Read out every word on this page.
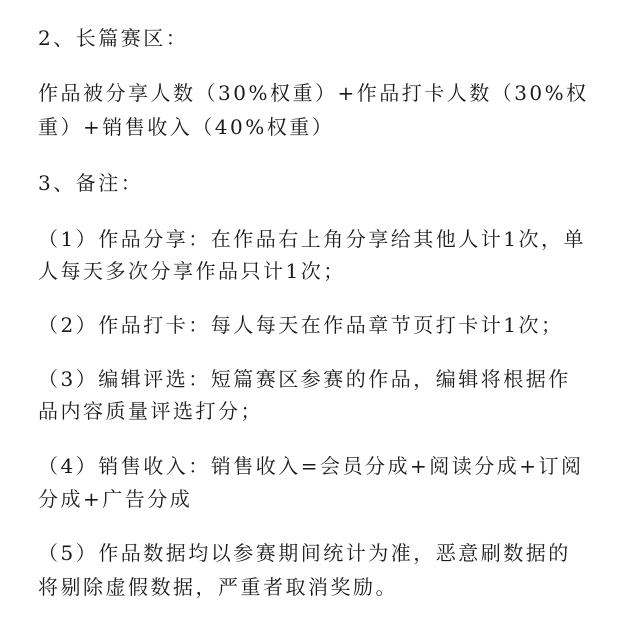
2、长篇赛区：
作品被分享人数（30%权重）+作品打卡人数（30%权
重）+销售收入（40%权重）
3、备注：
（1）作品分享：在作品右上角分享给其他人计1次，单
人每天多次分享作品只计1次；
（2）作品打卡：每人每天在作品章节页打卡计1次；
（3）编辑评选：短篇赛区参赛的作品，编辑将根据作
品内容质量评选打分；
（4）销售收入：销售收入=会员分成+阅读分成+订阅
分成+广告分成
（5）作品数据均以参赛期间统计为准，恶意刷数据的
将剔除虚假数据，严重者取消奖励。
